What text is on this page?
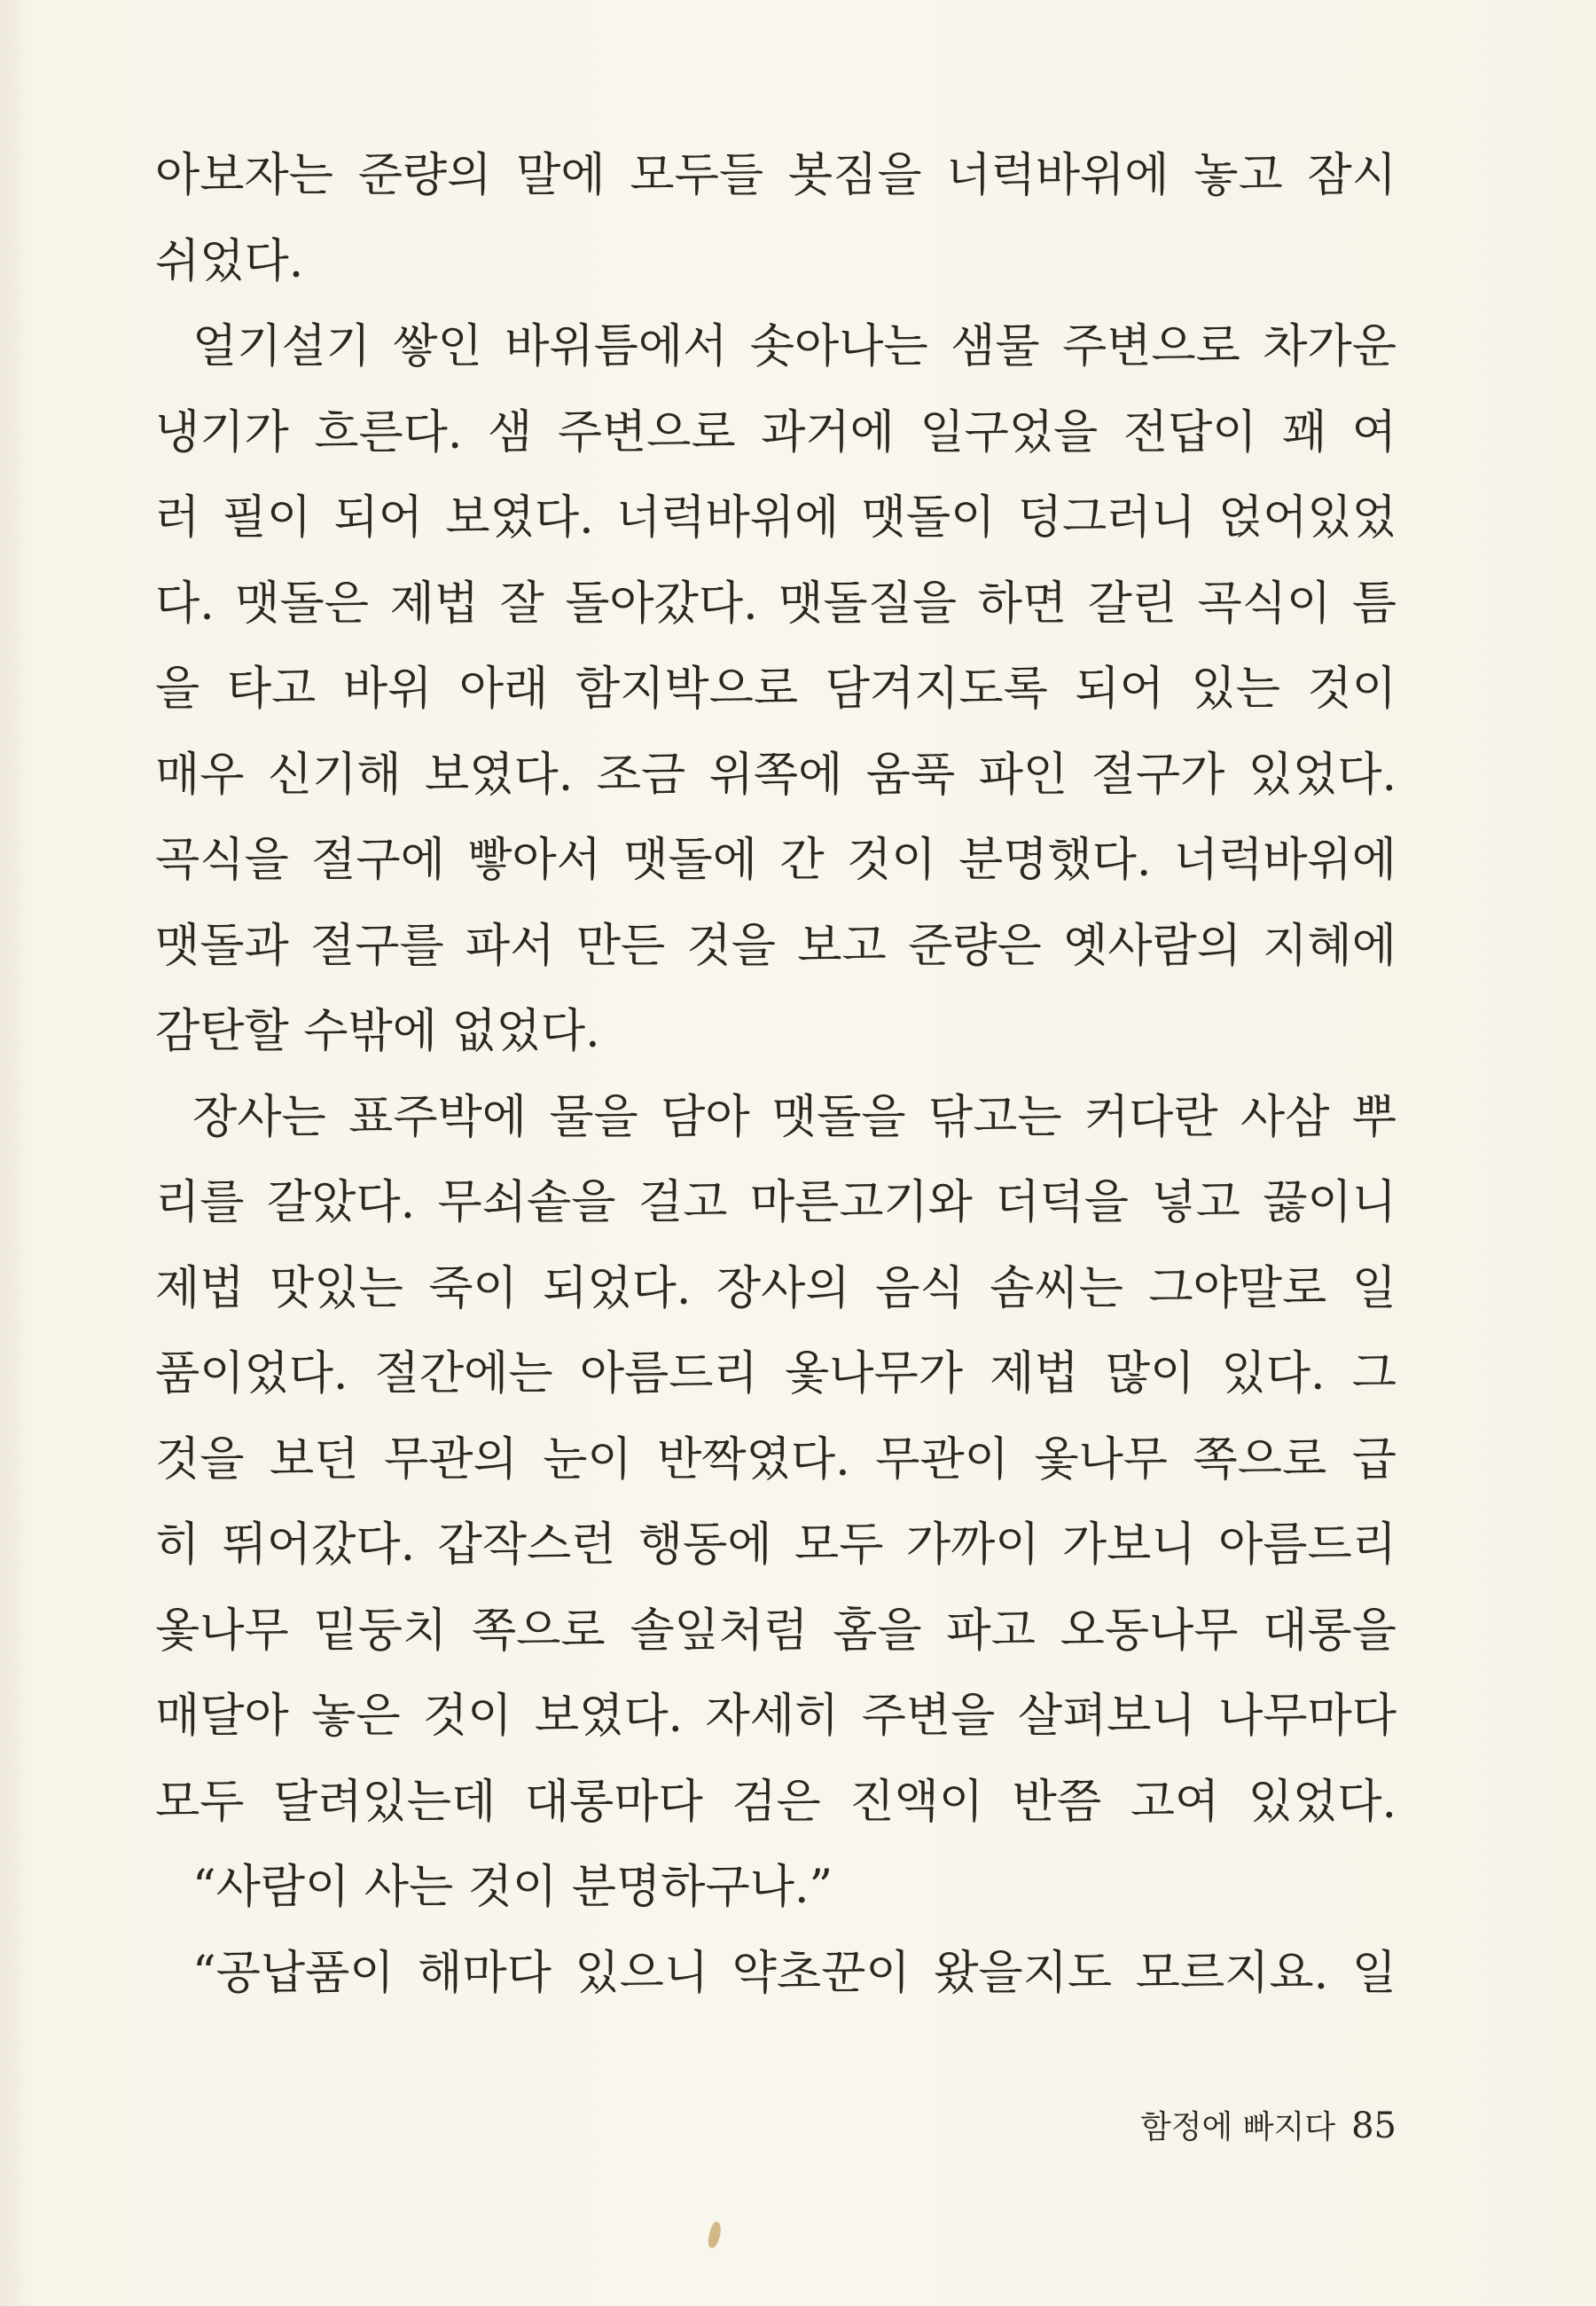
아보자는 준량의 말에 모두들 봇짐을 너럭바위에 놓고 잠시
쉬었다.
얼기설기 쌓인 바위틈에서 솟아나는 샘물 주변으로 차가운
냉기가 흐른다. 샘 주변으로 과거에 일구었을 전답이 꽤 여
러 필이 되어 보였다. 너럭바위에 맷돌이 덩그러니 얹어있었
다. 맷돌은 제법 잘 돌아갔다. 맷돌질을 하면 갈린 곡식이 틈
을 타고 바위 아래 함지박으로 담겨지도록 되어 있는 것이
매우 신기해 보였다. 조금 위쪽에 움푹 파인 절구가 있었다.
곡식을 절구에 빻아서 맷돌에 간 것이 분명했다. 너럭바위에
맷돌과 절구를 파서 만든 것을 보고 준량은 옛사람의 지혜에
감탄할 수밖에 없었다.
장사는 표주박에 물을 담아 맷돌을 닦고는 커다란 사삼 뿌
리를 갈았다. 무쇠솥을 걸고 마른고기와 더덕을 넣고 끓이니
제법 맛있는 죽이 되었다. 장사의 음식 솜씨는 그야말로 일
품이었다. 절간에는 아름드리 옻나무가 제법 많이 있다. 그
것을 보던 무관의 눈이 반짝였다. 무관이 옻나무 쪽으로 급
히 뛰어갔다. 갑작스런 행동에 모두 가까이 가보니 아름드리
옻나무 밑둥치 쪽으로 솔잎처럼 홈을 파고 오동나무 대롱을
매달아 놓은 것이 보였다. 자세히 주변을 살펴보니 나무마다
모두 달려있는데 대롱마다 검은 진액이 반쯤 고여 있었다.
“사람이 사는 것이 분명하구나.”
“공납품이 해마다 있으니 약초꾼이 왔을지도 모르지요. 일
함정에 빠지다 85
